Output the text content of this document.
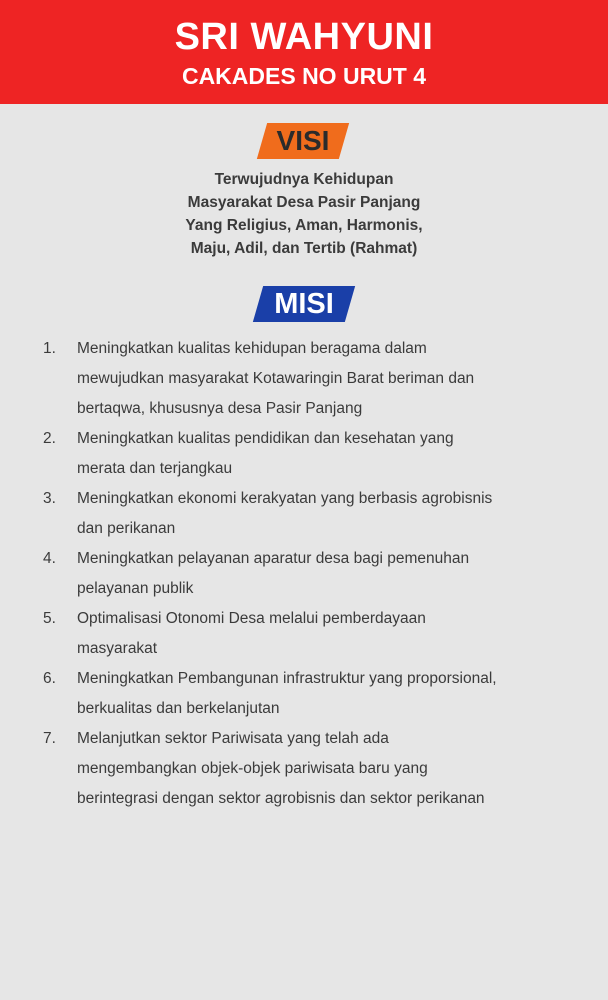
SRI WAHYUNI
CAKADES NO URUT 4
VISI
Terwujudnya Kehidupan
Masyarakat Desa Pasir Panjang
Yang Religius, Aman, Harmonis,
Maju, Adil, dan Tertib (Rahmat)
MISI
1. Meningkatkan kualitas kehidupan beragama dalam
mewujudkan masyarakat Kotawaringin Barat beriman dan
bertaqwa, khususnya desa Pasir Panjang
2. Meningkatkan kualitas pendidikan dan kesehatan yang
merata dan terjangkau
3. Meningkatkan ekonomi kerakyatan yang berbasis agrobisnis
dan perikanan
4. Meningkatkan pelayanan aparatur desa bagi pemenuhan
pelayanan publik
5. Optimalisasi Otonomi Desa melalui pemberdayaan
masyarakat
6. Meningkatkan Pembangunan infrastruktur yang proporsional,
berkualitas dan berkelanjutan
7. Melanjutkan sektor Pariwisata yang telah ada
mengembangkan objek-objek pariwisata baru yang
berintegrasi dengan sektor agrobisnis dan sektor perikanan
